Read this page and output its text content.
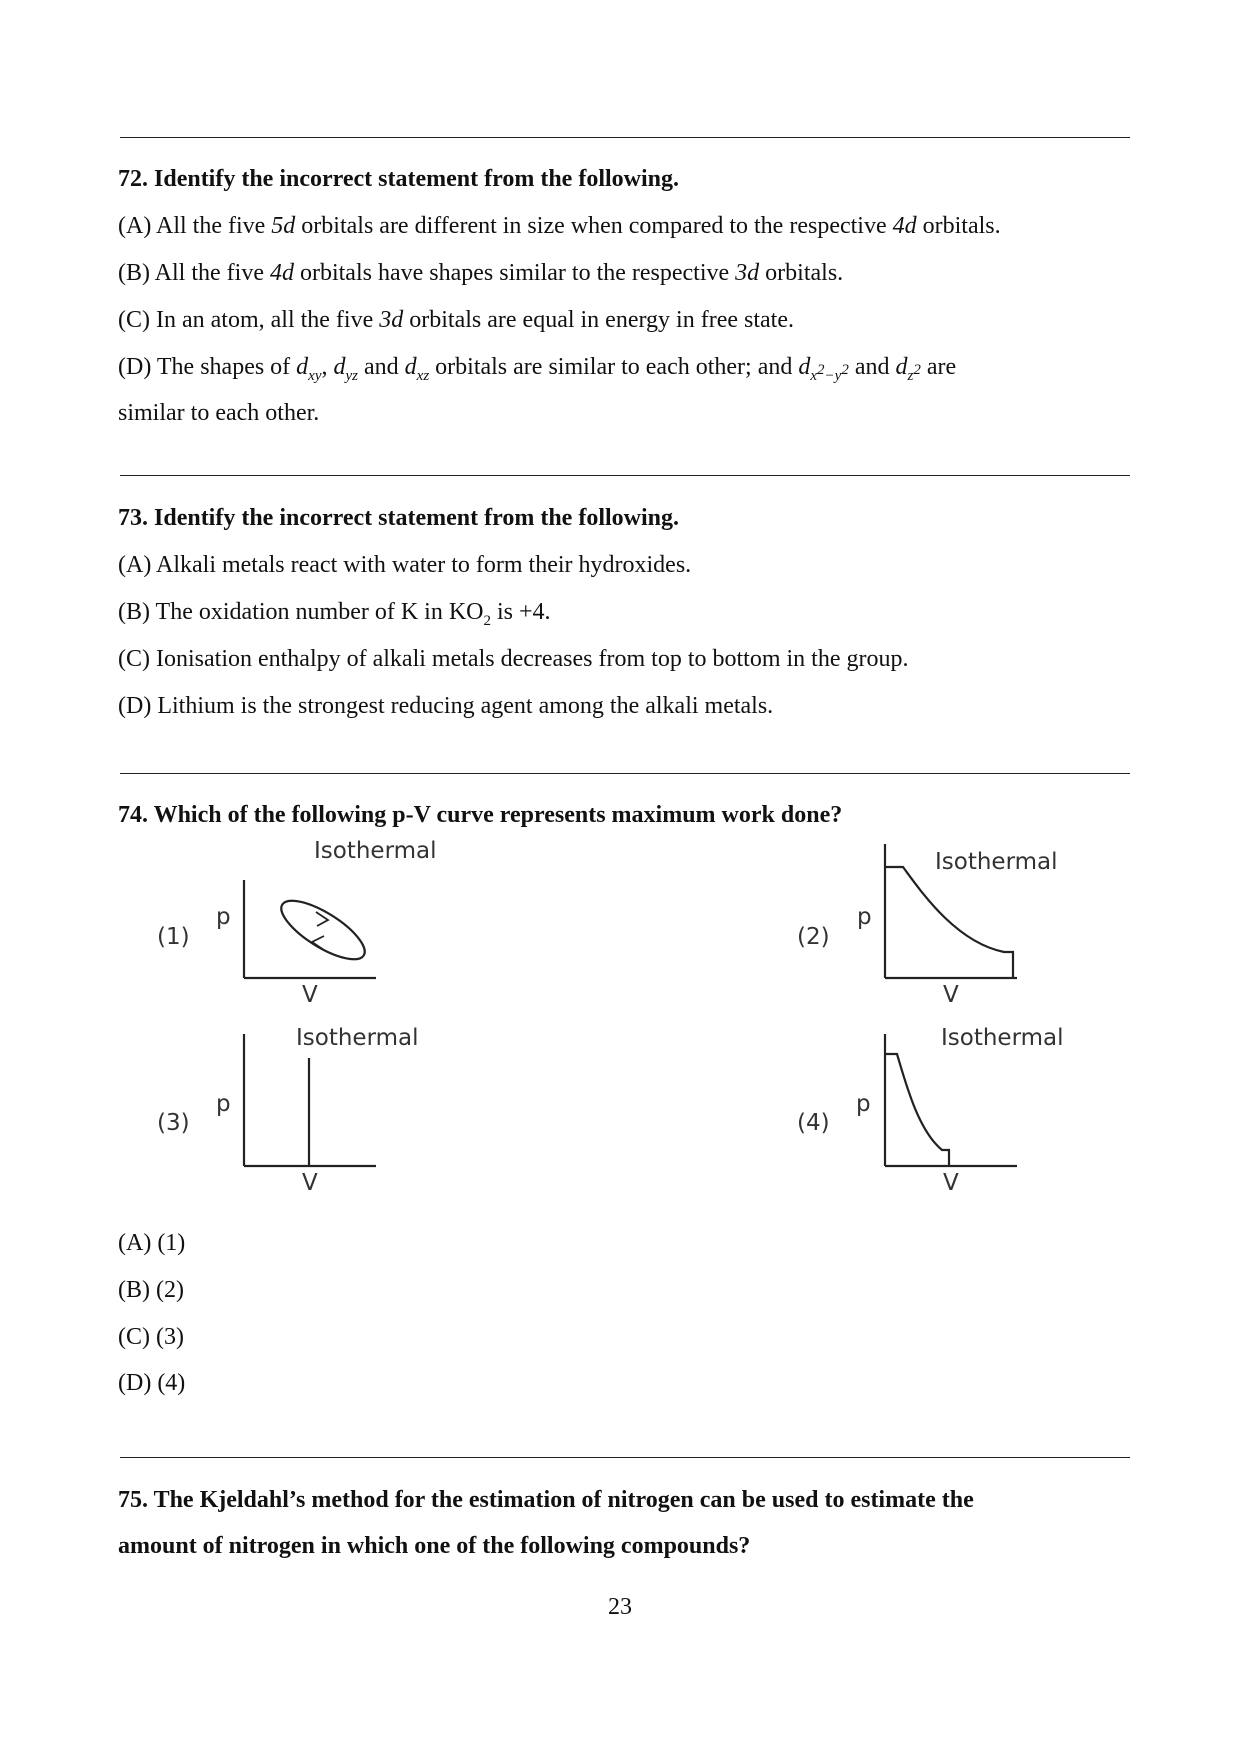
72. Identify the incorrect statement from the following.
(A) All the five 5d orbitals are different in size when compared to the respective 4d orbitals.
(B) All the five 4d orbitals have shapes similar to the respective 3d orbitals.
(C) In an atom, all the five 3d orbitals are equal in energy in free state.
(D) The shapes of $d_{xy}$, $d_{yz}$ and $d_{xz}$ orbitals are similar to each other; and $d_{x^2-y^2}$ and $d_{z^2}$ are
similar to each other.
73. Identify the incorrect statement from the following.
(A) Alkali metals react with water to form their hydroxides.
(B) The oxidation number of K in $KO_2$ is +4.
(C) Ionisation enthalpy of alkali metals decreases from top to bottom in the group.
(D) Lithium is the strongest reducing agent among the alkali metals.
74. Which of the following p-V curve represents maximum work done?
Isothermal
(1)
p
V
Isothermal
(2)
p
V
Isothermal
(3)
p
V
Isothermal
(4)
p
V
(A) (1)
(B) (2)
(C) (3)
(D) (4)
75. The Kjeldahl’s method for the estimation of nitrogen can be used to estimate the
amount of nitrogen in which one of the following compounds?
23
